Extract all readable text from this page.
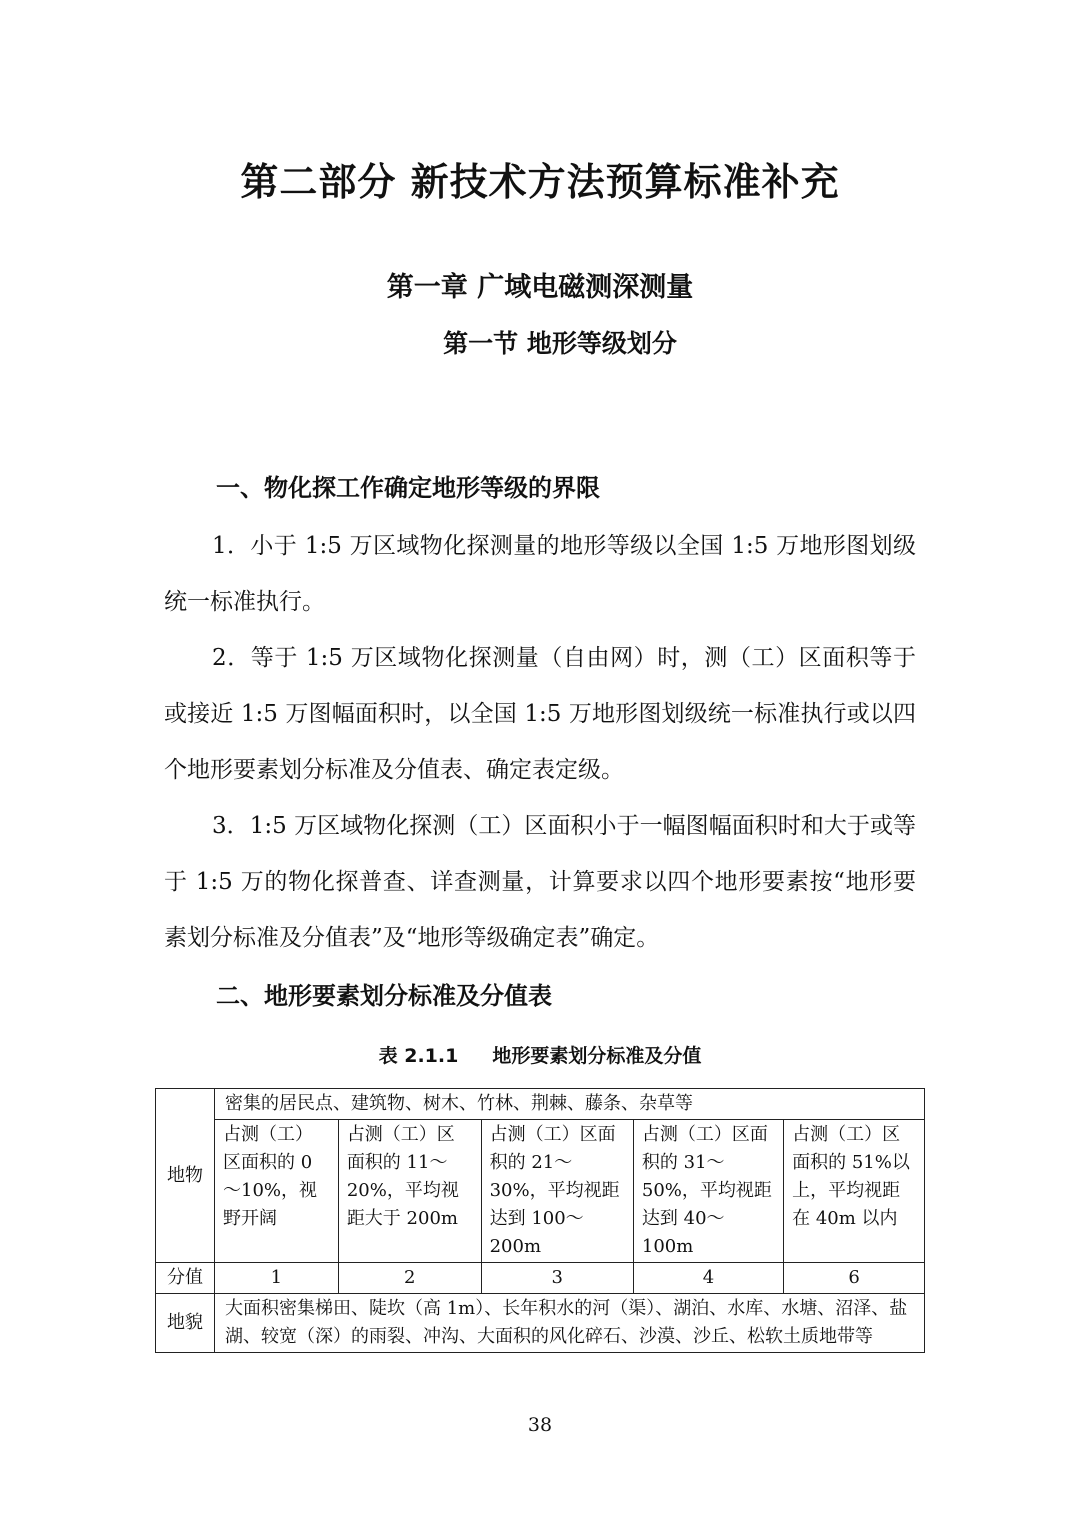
第二部分 新技术方法预算标准补充
第一章 广域电磁测深测量
第一节 地形等级划分
一、物化探工作确定地形等级的界限
1．小于 1:5 万区域物化探测量的地形等级以全国 1:5 万地形图划级统一标准执行。
2．等于 1:5 万区域物化探测量（自由网）时，测（工）区面积等于或接近 1:5 万图幅面积时，以全国 1:5 万地形图划级统一标准执行或以四个地形要素划分标准及分值表、确定表定级。
3．1:5 万区域物化探测（工）区面积小于一幅图幅面积时和大于或等于 1:5 万的物化探普查、详查测量，计算要求以四个地形要素按“地形要素划分标准及分值表”及“地形等级确定表”确定。
二、地形要素划分标准及分值表
表 2.1.1 地形要素划分标准及分值
地物	密集的居民点、建筑物、树木、竹林、荆棘、藤条、杂草等				
	占测（工）区面积的 0～10%，视野开阔	占测（工）区面积的 11～20%，平均视距大于 200m	占测（工）区面积的 21～30%，平均视距达到 100～200m	占测（工）区面积的 31～50%，平均视距达到 40～100m	占测（工）区面积的 51%以上，平均视距在 40m 以内
分值	1	2	3	4	6
地貌	大面积密集梯田、陡坎（高 1m）、长年积水的河（渠）、湖泊、水库、水塘、沼泽、盐湖、较宽（深）的雨裂、冲沟、大面积的风化碎石、沙漠、沙丘、松软土质地带等				
38
